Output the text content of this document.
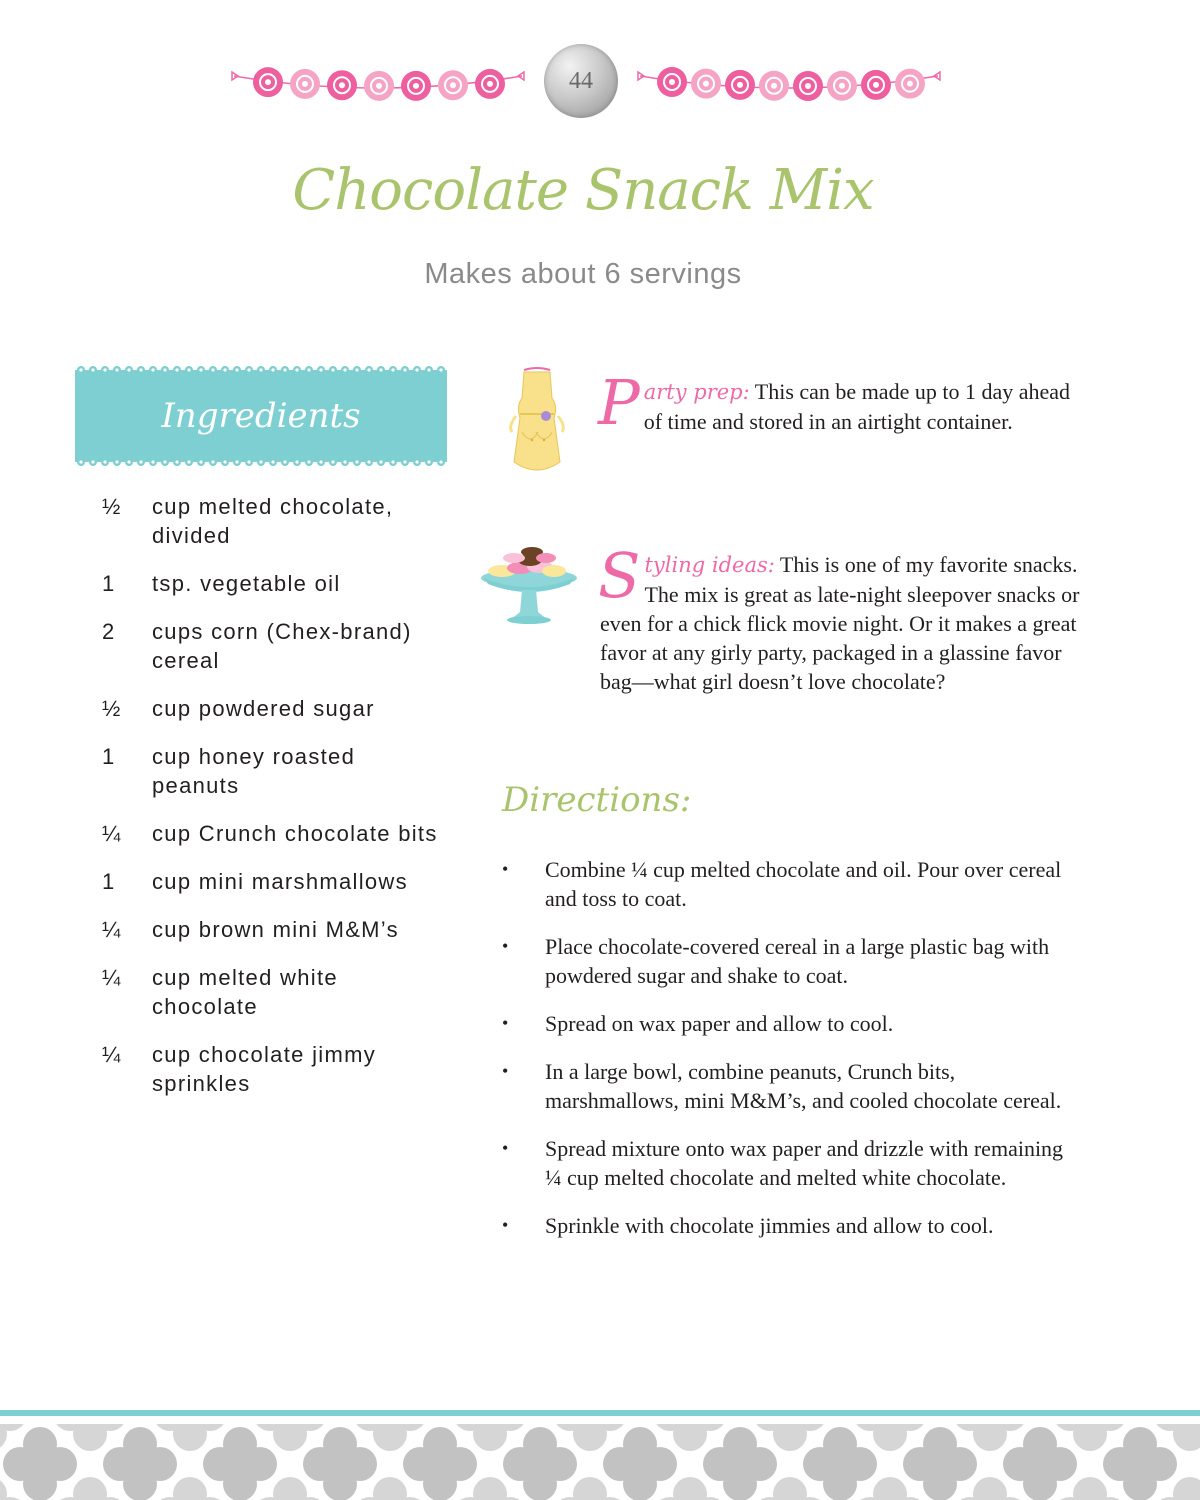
44
Chocolate Snack Mix
Makes about 6 servings
Ingredients
½	cup melted chocolate, divided
1	tsp. vegetable oil
2	cups corn (Chex-brand) cereal
½	cup powdered sugar
1	cup honey roasted peanuts
¼	cup Crunch chocolate bits
1	cup mini marshmallows
¼	cup brown mini M&M’s
¼	cup melted white chocolate
¼	cup chocolate jimmy sprinkles
P arty prep: This can be made up to 1 day ahead of time and stored in an airtight container.
S tyling ideas: This is one of my favorite snacks. The mix is great as late-night sleepover snacks or even for a chick flick movie night. Or it makes a great favor at any girly party, packaged in a glassine favor bag—what girl doesn’t love chocolate?
Directions:
•	Combine ¼ cup melted chocolate and oil. Pour over cereal and toss to coat.
•	Place chocolate-covered cereal in a large plastic bag with powdered sugar and shake to coat.
•	Spread on wax paper and allow to cool.
•	In a large bowl, combine peanuts, Crunch bits, marshmallows, mini M&M’s, and cooled chocolate cereal.
•	Spread mixture onto wax paper and drizzle with remaining ¼ cup melted chocolate and melted white chocolate.
•	Sprinkle with chocolate jimmies and allow to cool.
